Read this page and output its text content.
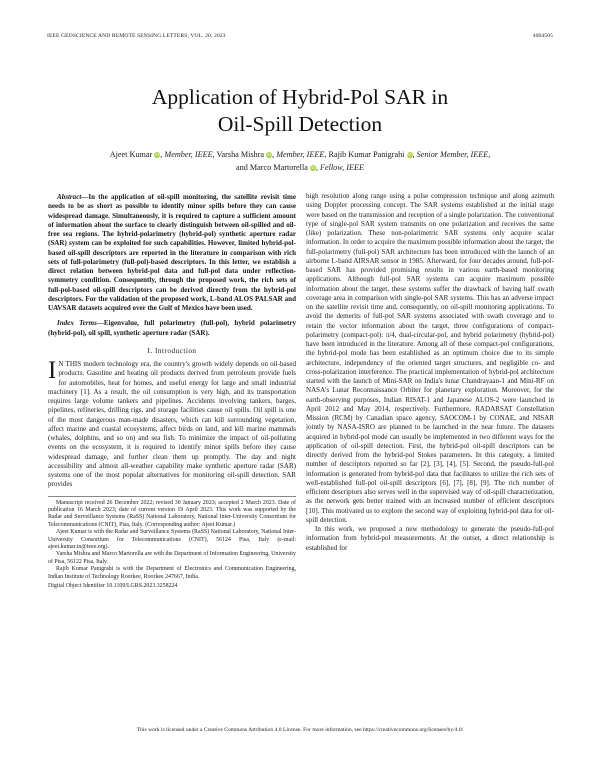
IEEE GEOSCIENCE AND REMOTE SENSING LETTERS, VOL. 20, 2023	4004505
Application of Hybrid-Pol SAR in
Oil-Spill Detection
Ajeet Kumar iD, Member, IEEE, Varsha Mishra iD, Member, IEEE, Rajib Kumar Panigrahi iD, Senior Member, IEEE,
and Marco Martorella iD, Fellow, IEEE

Abstract—In the application of oil-spill monitoring, the satellite revisit time needs to be as short as possible to identify minor spills before they can cause widespread damage. Simultaneously, it is required to capture a sufficient amount of information about the surface to clearly distinguish between oil-spilled and oil-free sea regions. The hybrid-polarimetry (hybrid-pol) synthetic aperture radar (SAR) system can be exploited for such capabilities. However, limited hybrid-pol-based oil-spill descriptors are reported in the literature in comparison with rich sets of full-polarimetry (full-pol)-based descriptors. In this letter, we establish a direct relation between hybrid-pol data and full-pol data under reflection-symmetry condition. Consequently, through the proposed work, the rich sets of full-pol-based oil-spill descriptors can be derived directly from the hybrid-pol descriptors. For the validation of the proposed work, L-band ALOS PALSAR and UAVSAR datasets acquired over the Gulf of Mexico have been used.

Index Terms—Eigenvalue, full polarimetry (full-pol), hybrid polarimetry (hybrid-pol), oil spill, synthetic aperture radar (SAR).

I. Introduction

I N THIS modern technology era, the country's growth widely depends on oil-based products. Gasoline and heating oil products derived from petroleum provide fuels for automobiles, heat for homes, and useful energy for large and small industrial machinery [1]. As a result, the oil consumption is very high, and its transportation requires large volume tankers and pipelines. Accidents involving tankers, barges, pipelines, refineries, drilling rigs, and storage facilities cause oil spills. Oil spill is one of the most dangerous man-made disasters, which can kill surrounding vegetation, affect marine and coastal ecosystems, affect birds on land, and kill marine mammals (whales, dolphins, and so on) and sea fish. To minimize the impact of oil-polluting events on the ecosystem, it is required to identify minor spills before they cause widespread damage, and further clean them up promptly. The day and night accessibility and almost all-weather capability make synthetic aperture radar (SAR) systems one of the most popular alternatives for monitoring oil-spill detection. SAR provides

Manuscript received 26 December 2022; revised 30 January 2023; accepted 2 March 2023. Date of publication 16 March 2023; date of current version 19 April 2023. This work was supported by the Radar and Surveillance Systems (RaSS) National Laboratory, National Inter-University Consortium for Telecommunications (CNIT), Pisa, Italy. (Corresponding author: Ajeet Kumar.)

Ajeet Kumar is with the Radar and Surveillance Systems (RaSS) National Laboratory, National Inter-University Consortium for Telecommunications (CNIT), 56124 Pisa, Italy (e-mail: ajeet.kumar.in@ieee.org).

Varsha Mishra and Marco Martorella are with the Department of Information Engineering, University of Pisa, 56122 Pisa, Italy.

Rajib Kumar Panigrahi is with the Department of Electronics and Communication Engineering, Indian Institute of Technology Roorkee, Roorkee 247667, India.

Digital Object Identifier 10.1109/LGRS.2023.3258224

high resolution along range using a pulse compression technique and along azimuth using Doppler processing concept. The SAR systems established at the initial stage were based on the transmission and reception of a single polarization. The conventional type of single-pol SAR system transmits on one polarization and receives the same (like) polarization. These non-polarimetric SAR systems only acquire scalar information. In order to acquire the maximum possible information about the target, the full-polarimetry (full-pol) SAR architecture has been introduced with the launch of an airborne L-band AIRSAR sensor in 1985. Afterward, for four decades around, full-pol-based SAR has provided promising results in various earth-based monitoring applications. Although full-pol SAR systems can acquire maximum possible information about the target, these systems suffer the drawback of having half swath coverage area in comparison with single-pol SAR systems. This has an adverse impact on the satellite revisit time and, consequently, on oil-spill monitoring applications. To avoid the demerits of full-pol SAR systems associated with swath coverage and to retain the vector information about the target, three configurations of compact-polarimetry (compact-pol): π/4, dual-circular-pol, and hybrid polarimetry (hybrid-pol) have been introduced in the literature. Among all of these compact-pol configurations, the hybrid-pol mode has been established as an optimum choice due to its simple architecture, independency of the oriented target structures, and negligible co- and cross-polarization interference. The practical implementation of hybrid-pol architecture started with the launch of Mini-SAR on India's lunar Chandrayaan-1 and Mini-RF on NASA's Lunar Reconnaissance Orbiter for planetary exploration. Moreover, for the earth-observing purposes, Indian RISAT-1 and Japanese ALOS-2 were launched in April 2012 and May 2014, respectively. Furthermore, RADARSAT Constellation Mission (RCM) by Canadian space agency, SAOCOM-1 by CONAE, and NISAR jointly by NASA-ISRO are planned to be launched in the near future. The datasets acquired in hybrid-pol mode can usually be implemented in two different ways for the application of oil-spill detection. First, the hybrid-pol oil-spill descriptors can be directly derived from the hybrid-pol Stokes parameters. In this category, a limited number of descriptors reported so far [2], [3], [4], [5]. Second, the pseudo-full-pol information is generated from hybrid-pol data that facilitates to utilize the rich sets of well-established full-pol oil-spill descriptors [6], [7], [8], [9]. The rich number of efficient descriptors also serves well in the supervised way of oil-spill characterization, as the network gets better trained with an increased number of efficient descriptors [10]. This motivated us to explore the second way of exploiting hybrid-pol data for oil-spill detection.

In this work, we proposed a new methodology to generate the pseudo-full-pol information from hybrid-pol measurements. At the outset, a direct relationship is established for

This work is licensed under a Creative Commons Attribution 4.0 License. For more information, see https://creativecommons.org/licenses/by/4.0/
